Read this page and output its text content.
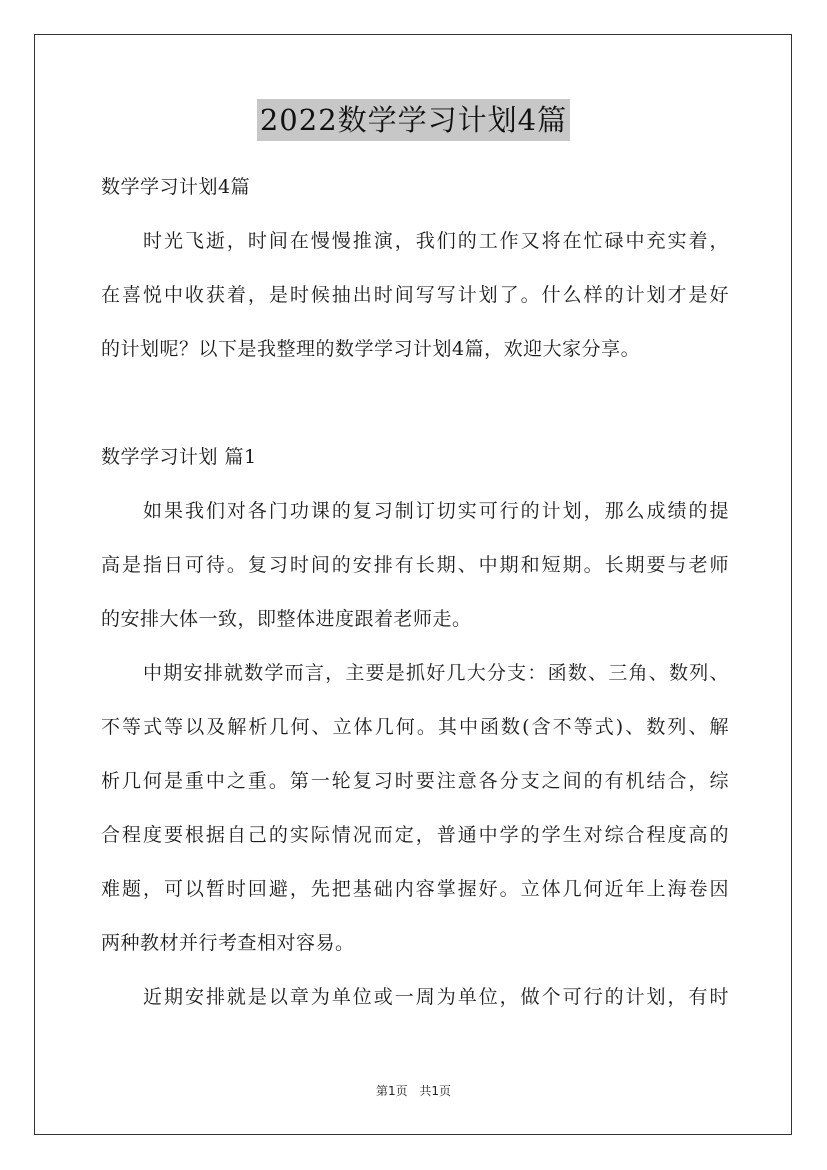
2022数学学习计划4篇
数学学习计划4篇
时光飞逝，时间在慢慢推演，我们的工作又将在忙碌中充实着，
在喜悦中收获着，是时候抽出时间写写计划了。什么样的计划才是好
的计划呢？以下是我整理的数学学习计划4篇，欢迎大家分享。
数学学习计划 篇1
如果我们对各门功课的复习制订切实可行的计划，那么成绩的提
高是指日可待。复习时间的安排有长期、中期和短期。长期要与老师
的安排大体一致，即整体进度跟着老师走。
中期安排就数学而言，主要是抓好几大分支：函数、三角、数列、
不等式等以及解析几何、立体几何。其中函数(含不等式)、数列、解
析几何是重中之重。第一轮复习时要注意各分支之间的有机结合，综
合程度要根据自己的实际情况而定，普通中学的学生对综合程度高的
难题，可以暂时回避，先把基础内容掌握好。立体几何近年上海卷因
两种教材并行考查相对容易。
近期安排就是以章为单位或一周为单位，做个可行的计划，有时
第1页 共1页
